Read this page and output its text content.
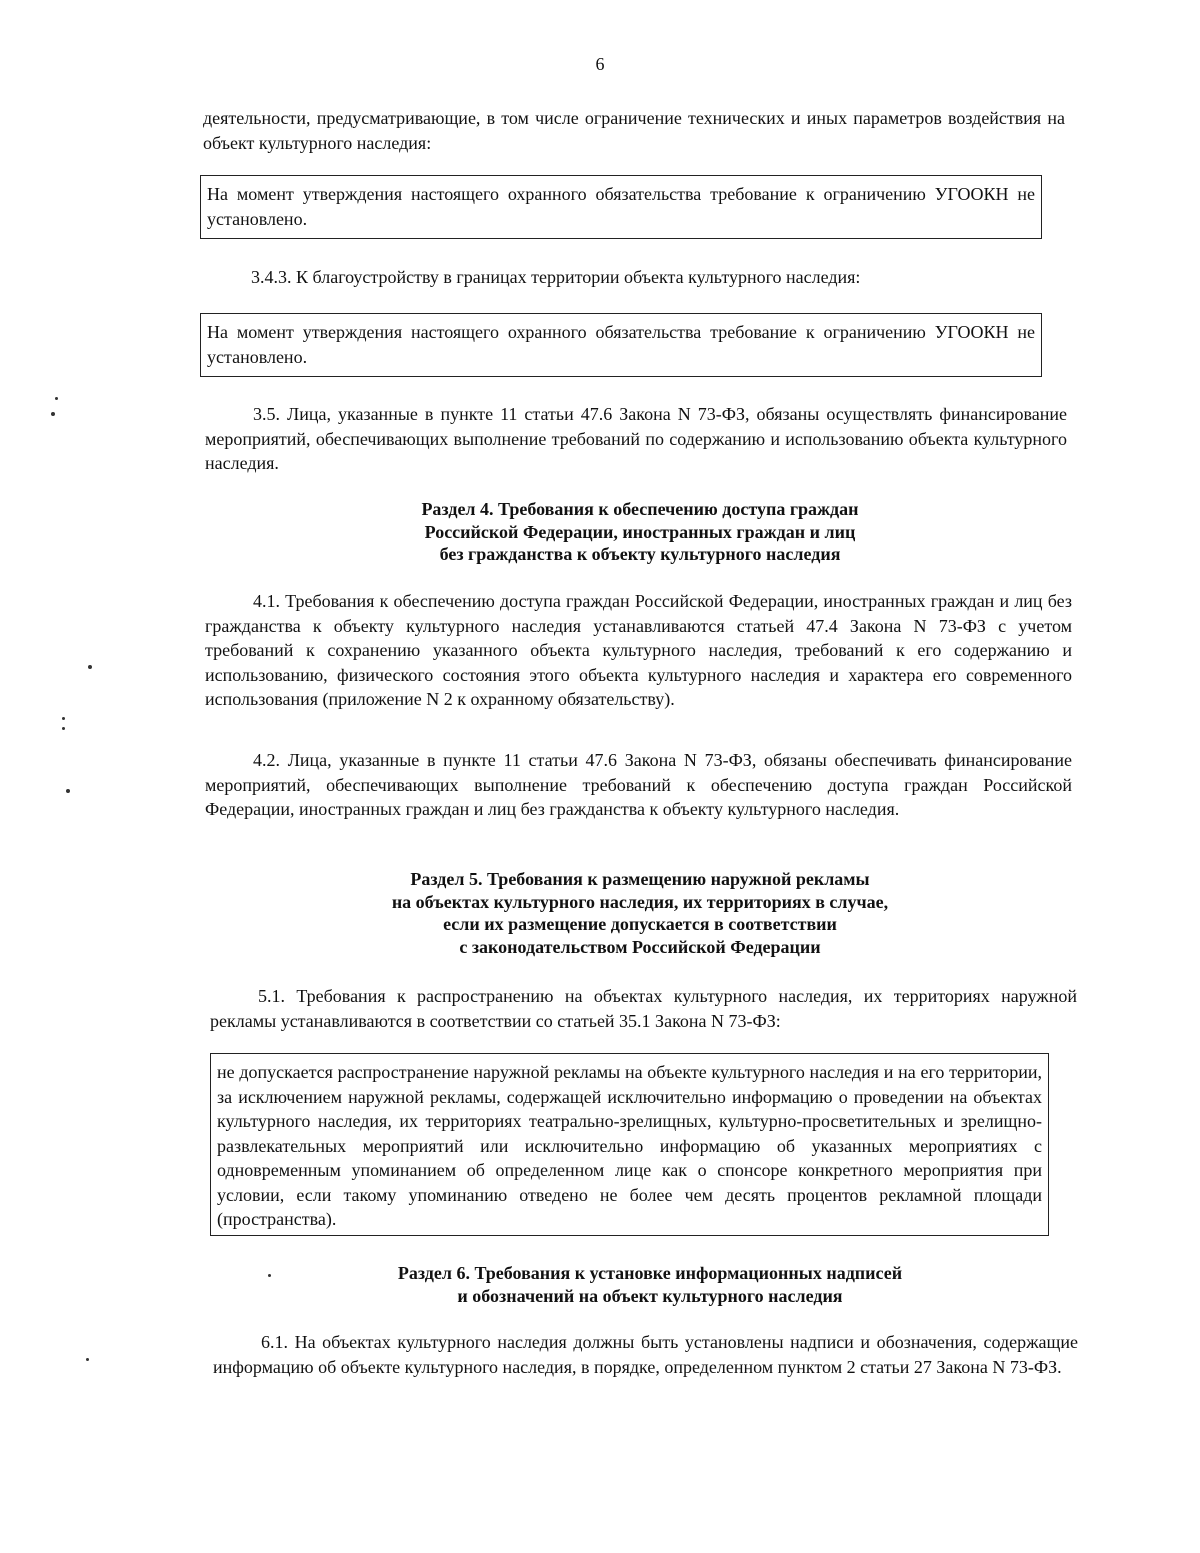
6
деятельности, предусматривающие, в том числе ограничение технических и иных параметров воздействия на объект культурного наследия:
На момент утверждения настоящего охранного обязательства требование к ограничению УГООКН не установлено.
3.4.3. К благоустройству в границах территории объекта культурного наследия:
На момент утверждения настоящего охранного обязательства требование к ограничению УГООКН не установлено.
3.5. Лица, указанные в пункте 11 статьи 47.6 Закона N 73-ФЗ, обязаны осуществлять финансирование мероприятий, обеспечивающих выполнение требований по содержанию и использованию объекта культурного наследия.
Раздел 4. Требования к обеспечению доступа граждан
Российской Федерации, иностранных граждан и лиц
без гражданства к объекту культурного наследия
4.1. Требования к обеспечению доступа граждан Российской Федерации, иностранных граждан и лиц без гражданства к объекту культурного наследия устанавливаются статьей 47.4 Закона N 73-ФЗ с учетом требований к сохранению указанного объекта культурного наследия, требований к его содержанию и использованию, физического состояния этого объекта культурного наследия и характера его современного использования (приложение N 2 к охранному обязательству).
4.2. Лица, указанные в пункте 11 статьи 47.6 Закона N 73-ФЗ, обязаны обеспечивать финансирование мероприятий, обеспечивающих выполнение требований к обеспечению доступа граждан Российской Федерации, иностранных граждан и лиц без гражданства к объекту культурного наследия.
Раздел 5. Требования к размещению наружной рекламы
на объектах культурного наследия, их территориях в случае,
если их размещение допускается в соответствии
с законодательством Российской Федерации
5.1. Требования к распространению на объектах культурного наследия, их территориях наружной рекламы устанавливаются в соответствии со статьей 35.1 Закона N 73-ФЗ:
не допускается распространение наружной рекламы на объекте культурного наследия и на его территории, за исключением наружной рекламы, содержащей исключительно информацию о проведении на объектах культурного наследия, их территориях театрально-зрелищных, культурно-просветительных и зрелищно-развлекательных мероприятий или исключительно информацию об указанных мероприятиях с одновременным упоминанием об определенном лице как о спонсоре конкретного мероприятия при условии, если такому упоминанию отведено не более чем десять процентов рекламной площади (пространства).
Раздел 6. Требования к установке информационных надписей
и обозначений на объект культурного наследия
6.1. На объектах культурного наследия должны быть установлены надписи и обозначения, содержащие информацию об объекте культурного наследия, в порядке, определенном пунктом 2 статьи 27 Закона N 73-ФЗ.
